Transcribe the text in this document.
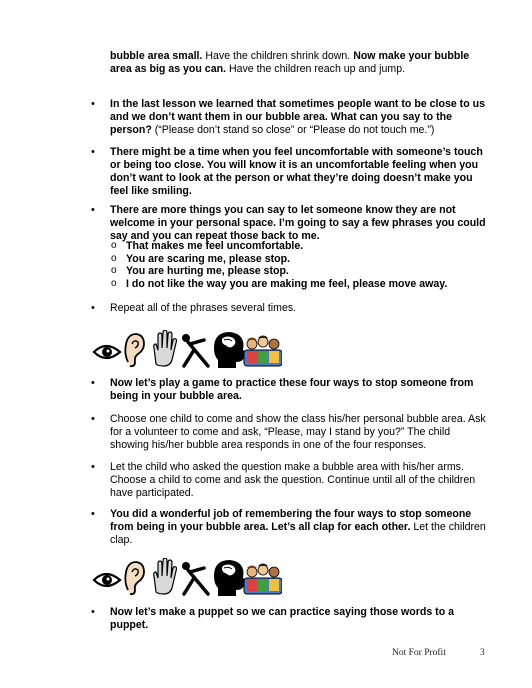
bubble area small. Have the children shrink down. Now make your bubble area as big as you can. Have the children reach up and jump.
• In the last lesson we learned that sometimes people want to be close to us and we don’t want them in our bubble area. What can you say to the person? (“Please don’t stand so close” or “Please do not touch me.”)
• There might be a time when you feel uncomfortable with someone’s touch or being too close. You will know it is an uncomfortable feeling when you don’t want to look at the person or what they’re doing doesn’t make you feel like smiling.
• There are more things you can say to let someone know they are not welcome in your personal space. I’m going to say a few phrases you could say and you can repeat those back to me.
o That makes me feel uncomfortable.
o You are scaring me, please stop.
o You are hurting me, please stop.
o I do not like the way you are making me feel, please move away.
• Repeat all of the phrases several times.
• Now let’s play a game to practice these four ways to stop someone from being in your bubble area.
• Choose one child to come and show the class his/her personal bubble area. Ask for a volunteer to come and ask, “Please, may I stand by you?” The child showing his/her bubble area responds in one of the four responses.
• Let the child who asked the question make a bubble area with his/her arms. Choose a child to come and ask the question. Continue until all of the children have participated.
• You did a wonderful job of remembering the four ways to stop someone from being in your bubble area. Let’s all clap for each other. Let the children clap.
• Now let’s make a puppet so we can practice saying those words to a puppet.
Not For Profit	3
